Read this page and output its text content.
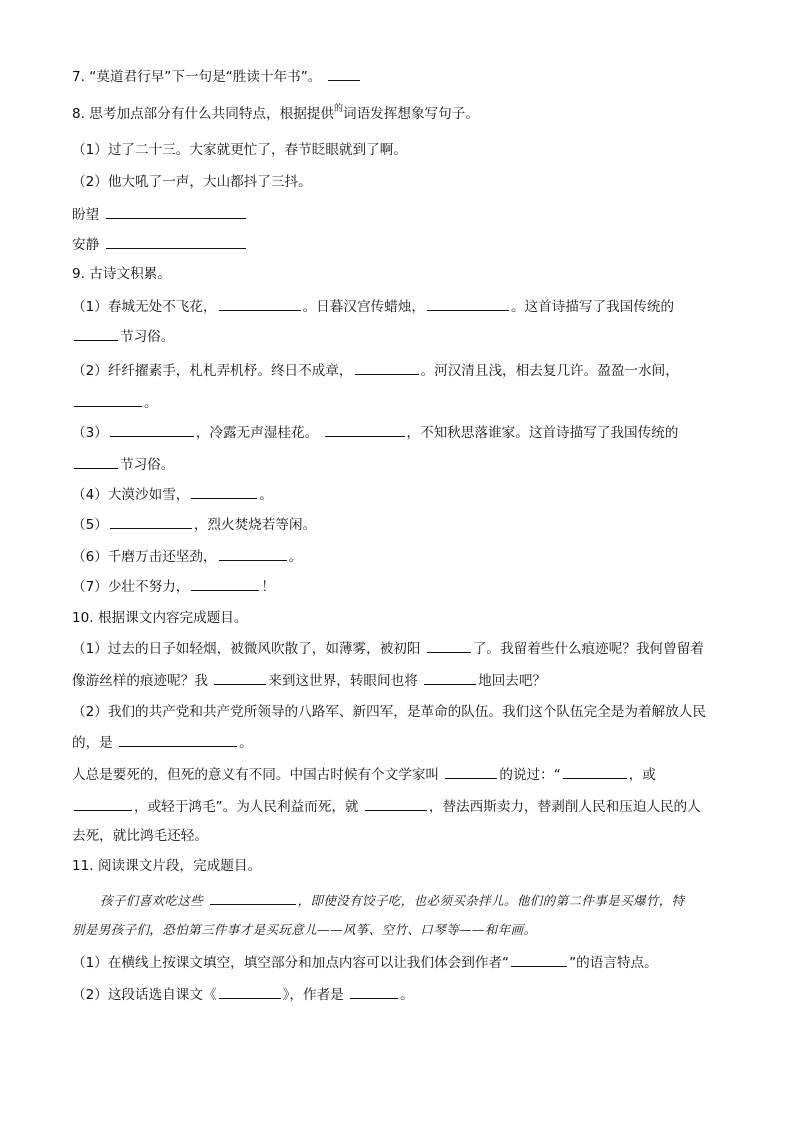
7. “莫道君行早”下一句是“胜读十年书”。
8. 思考加点部分有什么共同特点，根据提供$^的$词语发挥想象写句子。
（1）过了二十三。大家就更忙了，春节眨眼就到了啊。
（2）他大吼了一声，大山都抖了三抖。
盼望
安静
9. 古诗文积累。
（1）春城无处不飞花，	。日暮汉宫传蜡烛，	。这首诗描写了我国传统的
节习俗。
（2）纤纤擢素手，札札弄机杼。终日不成章，	。河汉清且浅，相去复几许。盈盈一水间，
。
（3）	，冷露无声湿桂花。	，不知秋思落谁家。这首诗描写了我国传统的
节习俗。
（4）大漠沙如雪，	。
（5）	，烈火焚烧若等闲。
（6）千磨万击还坚劲，	。
（7）少壮不努力，	！
10. 根据课文内容完成题目。
（1）过去的日子如轻烟，被微风吹散了，如薄雾，被初阳	了。我留着些什么痕迹呢？我何曾留着
像游丝样的痕迹呢？我	来到这世界，转眼间也将	地回去吧？
（2）我们的共产党和共产党所领导的八路军、新四军，是革命的队伍。我们这个队伍完全是为着解放人民
的，是	。
人总是要死的，但死的意义有不同。中国古时候有个文学家叫	的说过：“	，或
，或轻于鸿毛”。为人民利益而死，就	，替法西斯卖力，替剥削人民和压迫人民的人
去死，就比鸿毛还轻。
11. 阅读课文片段，完成题目。
孩子们喜欢吃这些	，即使没有饺子吃，也必须买杂拌儿。他们的第二件事是买爆竹，特
别是男孩子们，恐怕第三件事才是买玩意儿——风筝、空竹、口琴等——和年画。
（1）在横线上按课文填空，填空部分和加点内容可以让我们体会到作者“	”的语言特点。
（2）这段话选自课文《	》，作者是	。
